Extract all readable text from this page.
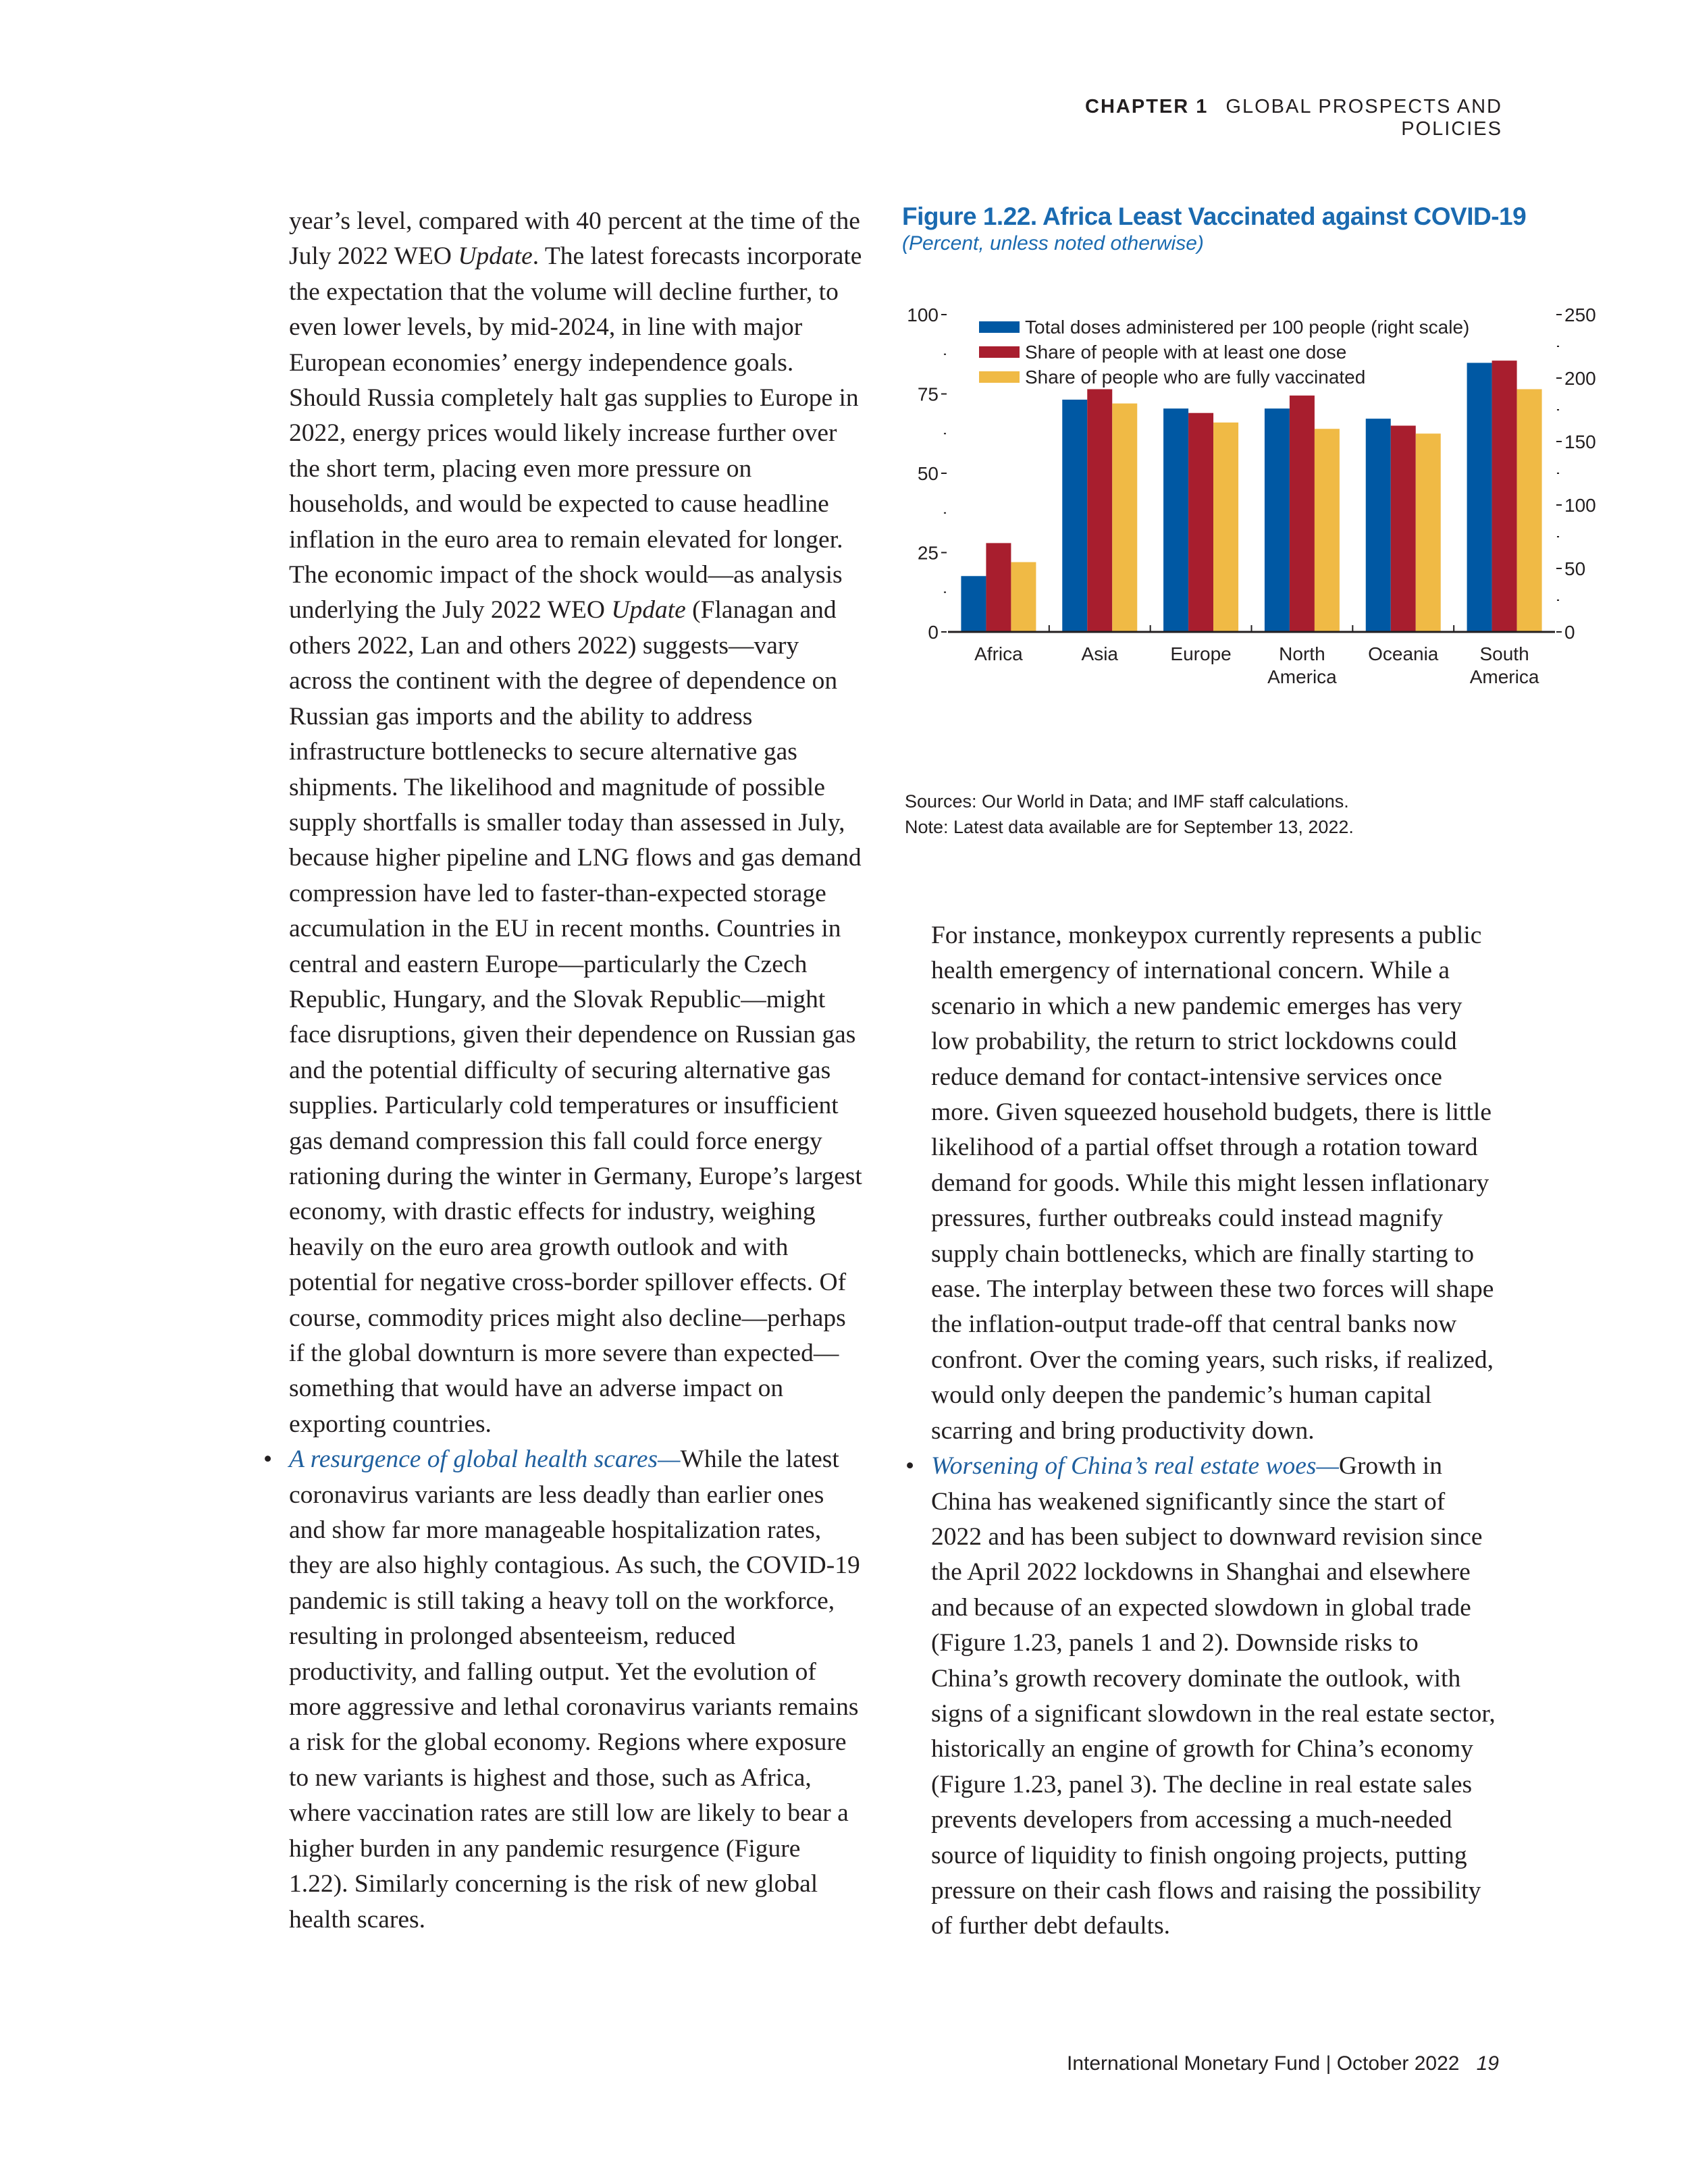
CHAPTER 1 GLOBAL PROSPECTS AND POLICIES

year’s level, compared with 40 percent at the time of the July 2022 WEO Update. The latest forecasts incorporate the expectation that the volume will decline further, to even lower levels, by mid-2024, in line with major European economies’ energy independence goals. Should Russia completely halt gas supplies to Europe in 2022, energy prices would likely increase further over the short term, placing even more pressure on households, and would be expected to cause headline inflation in the euro area to remain elevated for longer. The economic impact of the shock would—as analysis underlying the July 2022 WEO Update (Flanagan and others 2022, Lan and others 2022) suggests—vary across the continent with the degree of dependence on Russian gas imports and the ability to address infrastructure bottlenecks to secure alternative gas shipments. The likelihood and magnitude of possible supply shortfalls is smaller today than assessed in July, because higher pipeline and LNG flows and gas demand compression have led to faster-than-expected storage accumulation in the EU in recent months. Countries in central and eastern Europe—particularly the Czech Republic, Hungary, and the Slovak Republic—might face disruptions, given their dependence on Russian gas and the potential difficulty of securing alternative gas supplies. Particularly cold temperatures or insufficient gas demand compression this fall could force energy rationing during the winter in Germany, Europe’s largest economy, with drastic effects for industry, weighing heavily on the euro area growth outlook and with potential for negative cross-border spillover effects. Of course, commodity prices might also decline—perhaps if the global downturn is more severe than expected—something that would have an adverse impact on exporting countries.

• A resurgence of global health scares—While the latest coronavirus variants are less deadly than earlier ones and show far more manageable hospitalization rates, they are also highly contagious. As such, the COVID-19 pandemic is still taking a heavy toll on the workforce, resulting in prolonged absenteeism, reduced productivity, and falling output. Yet the evolution of more aggressive and lethal coronavirus variants remains a risk for the global economy. Regions where exposure to new variants is highest and those, such as Africa, where vaccination rates are still low are likely to bear a higher burden in any pandemic resurgence (Figure 1.22). Similarly concerning is the risk of new global health scares.

Figure 1.22. Africa Least Vaccinated against COVID-19
(Percent, unless noted otherwise)
0
25
50
75
100
0
50
100
150
200
250
Africa	Asia	Europe	North
America
Oceania South
America
Total doses administered per 100 people (right scale)
Share of people with at least one dose
Share of people who are fully vaccinated
Sources: Our World in Data; and IMF staff calculations.
Note: Latest data available are for September 13, 2022.

For instance, monkeypox currently represents a public health emergency of international concern. While a scenario in which a new pandemic emerges has very low probability, the return to strict lockdowns could reduce demand for contact-intensive services once more. Given squeezed household budgets, there is little likelihood of a partial offset through a rotation toward demand for goods. While this might lessen inflationary pressures, further outbreaks could instead magnify supply chain bottlenecks, which are finally starting to ease. The interplay between these two forces will shape the inflation-output trade-off that central banks now confront. Over the coming years, such risks, if realized, would only deepen the pandemic’s human capital scarring and bring productivity down.

• Worsening of China’s real estate woes—Growth in China has weakened significantly since the start of 2022 and has been subject to downward revision since the April 2022 lockdowns in Shanghai and elsewhere and because of an expected slowdown in global trade (Figure 1.23, panels 1 and 2). Downside risks to China’s growth recovery dominate the outlook, with signs of a significant slowdown in the real estate sector, historically an engine of growth for China’s economy (Figure 1.23, panel 3). The decline in real estate sales prevents developers from accessing a much-needed source of liquidity to finish ongoing projects, putting pressure on their cash flows and raising the possibility of further debt defaults.

International Monetary Fund | October 2022 19
